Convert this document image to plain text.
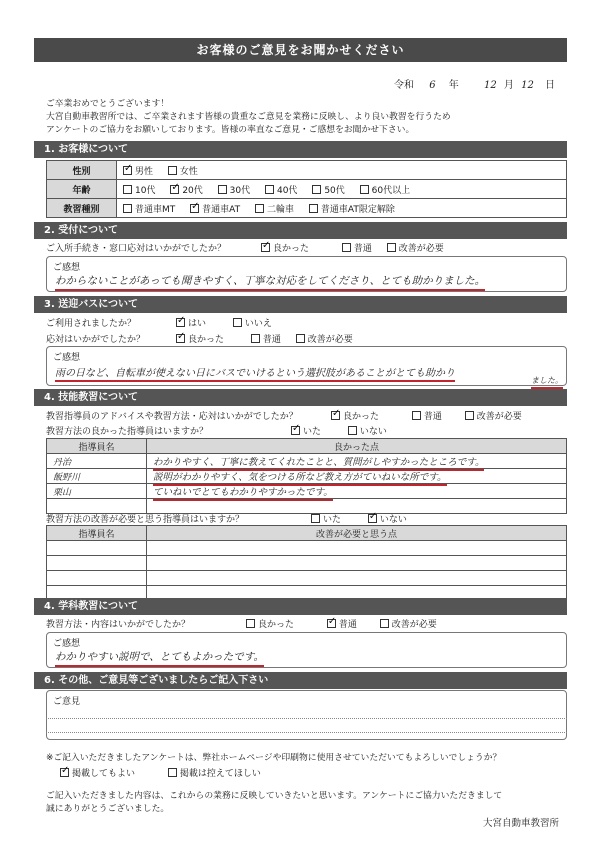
お客様のご意見をお聞かせください
令和 6 年	12 月 12 日
ご卒業おめでとうございます！
大宮自動車教習所では、ご卒業されます皆様の貴重なご意見を業務に反映し、より良い教習を行うため
アンケートのご協力をお願いしております。皆様の率直なご意見・ご感想をお聞かせ下さい。
1. お客様について
性別	✓男性 女性
年齢	10代 ✓ 20代 30代 40代 50代 60代以上
教習種別	普通車MT ✓ 普通車AT 二輪車 普通車AT限定解除
2. 受付について
ご入所手続き・窓口応対はいかがでしたか？ ✓	良かった	普通	改善が必要
ご感想
わからないことがあっても聞きやすく、丁寧な対応をしてくださり、とても助かりました。
3. 送迎バスについて
ご利用されましたか？ ✓	はい	いいえ
応対はいかがでしたか？ ✓	良かった	普通	改善が必要
ご感想
雨の日など、自転車が使えない日にバスでいけるという選択肢があることがとても助かり
ました。
4. 技能教習について
教習指導員のアドバイスや教習方法・応対はいかがでしたか？ ✓	良かった	普通	改善が必要
教習方法の良かった指導員はいますか？ ✓	いた	いない
指導員名	良かった点
丹治	わかりやすく、丁寧に教えてくれたことと、質問がしやすかったところです。
飯野川	説明がわかりやすく、気をつける所など教え方がていねいな所です。
栗山	ていねいでとてもわかりやすかったです。

教習方法の改善が必要と思う指導員はいますか？	いた ✓	いない
指導員名	改善が必要と思う点

4. 学科教習について
教習方法・内容はいかがでしたか？	良かった ✓	普通	改善が必要
ご感想
わかりやすい説明で、とてもよかったです。
6. その他、ご意見等ございましたらご記入下さい
ご意見
※ご記入いただきましたアンケートは、弊社ホームページや印刷物に使用させていただいてもよろしいでしょうか？
✓掲載してもよい	掲載は控えてほしい
ご記入いただきました内容は、これからの業務に反映していきたいと思います。アンケートにご協力いただきまして
誠にありがとうございました。
大宮自動車教習所
